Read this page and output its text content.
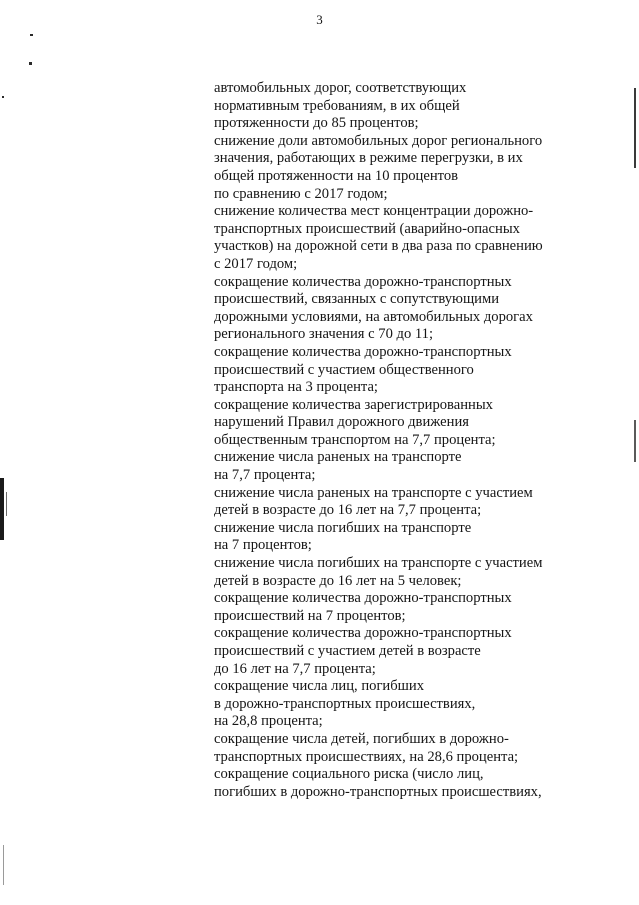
3
автомобильных дорог, соответствующих
нормативным требованиям, в их общей
протяженности до 85 процентов;
снижение доли автомобильных дорог регионального
значения, работающих в режиме перегрузки, в их
общей протяженности на 10 процентов
по сравнению с 2017 годом;
снижение количества мест концентрации дорожно-
транспортных происшествий (аварийно-опасных
участков) на дорожной сети в два раза по сравнению
с 2017 годом;
сокращение количества дорожно-транспортных
происшествий, связанных с сопутствующими
дорожными условиями, на автомобильных дорогах
регионального значения с 70 до 11;
сокращение количества дорожно-транспортных
происшествий с участием общественного
транспорта на 3 процента;
сокращение количества зарегистрированных
нарушений Правил дорожного движения
общественным транспортом на 7,7 процента;
снижение числа раненых на транспорте
на 7,7 процента;
снижение числа раненых на транспорте с участием
детей в возрасте до 16 лет на 7,7 процента;
снижение числа погибших на транспорте
на 7 процентов;
снижение числа погибших на транспорте с участием
детей в возрасте до 16 лет на 5 человек;
сокращение количества дорожно-транспортных
происшествий на 7 процентов;
сокращение количества дорожно-транспортных
происшествий с участием детей в возрасте
до 16 лет на 7,7 процента;
сокращение числа лиц, погибших
в дорожно-транспортных происшествиях,
на 28,8 процента;
сокращение числа детей, погибших в дорожно-
транспортных происшествиях, на 28,6 процента;
сокращение социального риска (число лиц,
погибших в дорожно-транспортных происшествиях,
